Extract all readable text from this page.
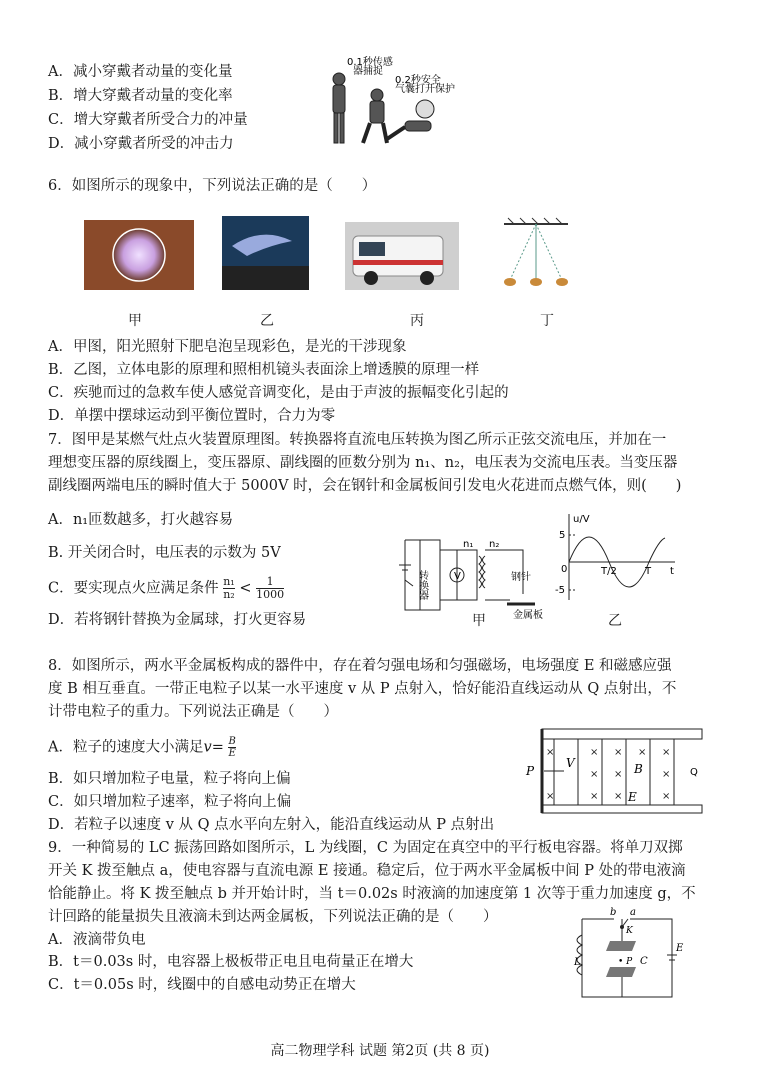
A．减小穿戴者动量的变化量
B．增大穿戴者动量的变化率
C．增大穿戴者所受合力的冲量
D．减小穿戴者所受的冲击力
0.1秒传感
器捕捉
0.2秒安全
气囊打开保护
6．如图所示的现象中，下列说法正确的是（　　）
甲	乙	丙	丁
A．甲图，阳光照射下肥皂泡呈现彩色，是光的干涉现象
B．乙图，立体电影的原理和照相机镜头表面涂上增透膜的原理一样
C．疾驰而过的急救车使人感觉音调变化，是由于声波的振幅变化引起的
D．单摆中摆球运动到平衡位置时，合力为零
7．图甲是某燃气灶点火装置原理图。转换器将直流电压转换为图乙所示正弦交流电压，并加在一
理想变压器的原线圈上，变压器原、副线圈的匝数分别为 n₁、n₂，电压表为交流电压表。当变压器
副线圈两端电压的瞬时值大于 5000V 时，会在钢针和金属板间引发电火花进而点燃气体，则(　　)
A．n₁匝数越多，打火越容易
B. 开关闭合时，电压表的示数为 5V
C．要实现点火应满足条件 $\frac{\text{n₁}}{\text{n₂}} < \frac{1}{1000}$
D．若将钢针替换为金属球，打火更容易
转换器	V
n₁ n₂
钢针
金属板
甲
u/V
5
-5
0	T/2	T t
乙
8．如图所示，两水平金属板构成的器件中，存在着匀强电场和匀强磁场，电场强度 E 和磁感应强
度 B 相互垂直。一带正电粒子以某一水平速度 v 从 P 点射入，恰好能沿直线运动从 Q 点射出，不
计带电粒子的重力。下列说法正确是（　　）
A．粒子的速度大小满足$v= \frac{B}{E}$
B．如只增加粒子电量，粒子将向上偏
C．如只增加粒子速率，粒子将向上偏
D．若粒子以速度 v 从 Q 点水平向左射入，能沿直线运动从 P 点射出
×	× × × ×
× ×	×
×	× ×	×
P
V	B
E
Q
9．一种简易的 LC 振荡回路如图所示，L 为线圈，C 为固定在真空中的平行板电容器。将单刀双掷
开关 K 拨至触点 a，使电容器与直流电源 E 接通。稳定后，位于两水平金属板中间 P 处的带电液滴
恰能静止。将 K 拨至触点 b 并开始计时，当 t＝0.02s 时液滴的加速度第 1 次等于重力加速度 g，不
计回路的能量损失且液滴未到达两金属板，下列说法正确的是（　　）
A．液滴带负电
B．t＝0.03s 时，电容器上极板带正电且电荷量正在增大
C．t＝0.05s 时，线圈中的自感电动势正在增大
b a
K
L	• P C
E
高二物理学科 试题 第2页 (共 8 页)
